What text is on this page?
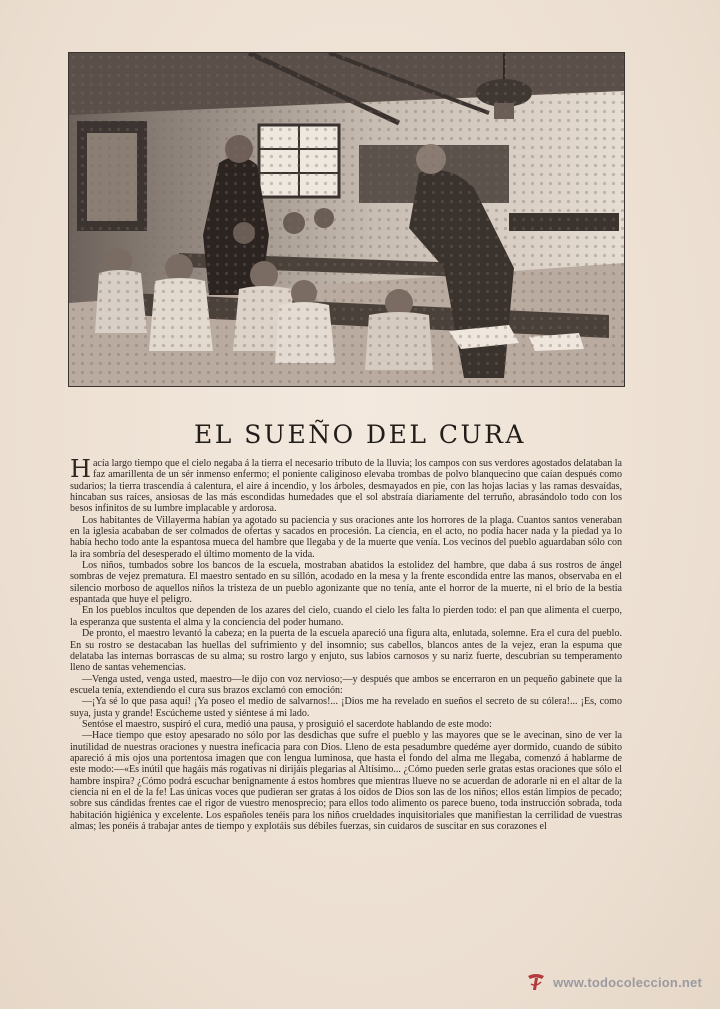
EL SUEÑO DEL CURA

Hacía largo tiempo que el cielo negaba á la tierra el necesario tributo de la lluvia; los campos con sus verdores agostados delataban la faz amarillenta de un sér inmenso enfermo; el poniente caliginoso elevaba trombas de polvo blanquecino que caían después como sudarios; la tierra trascendía á calentura, el aire á incendio, y los árboles, desmayados en pie, con las hojas lacias y las ramas desvaídas, hincaban sus raíces, ansiosas de las más escondidas humedades que el sol abstraía diariamente del terruño, abrasándolo todo con los besos infinitos de su lumbre implacable y ardorosa.

Los habitantes de Villayerma habían ya agotado su paciencia y sus oraciones ante los horrores de la plaga. Cuantos santos veneraban en la iglesia acababan de ser colmados de ofertas y sacados en procesión. La ciencia, en el acto, no podía hacer nada y la piedad ya lo había hecho todo ante la espantosa mueca del hambre que llegaba y de la muerte que venía. Los vecinos del pueblo aguardaban sólo con la ira sombría del desesperado el último momento de la vida.

Los niños, tumbados sobre los bancos de la escuela, mostraban abatidos la estolidez del hambre, que daba á sus rostros de ángel sombras de vejez prematura. El maestro sentado en su sillón, acodado en la mesa y la frente escondida entre las manos, observaba en el silencio morboso de aquellos niños la tristeza de un pueblo agonizante que no tenía, ante el horror de la muerte, ni el brío de la bestia espantada que huye el peligro.

En los pueblos incultos que dependen de los azares del cielo, cuando el cielo les falta lo pierden todo: el pan que alimenta el cuerpo, la esperanza que sustenta el alma y la conciencia del poder humano.

De pronto, el maestro levantó la cabeza; en la puerta de la escuela apareció una figura alta, enlutada, solemne. Era el cura del pueblo. En su rostro se destacaban las huellas del sufrimiento y del insomnio; sus cabellos, blancos antes de la vejez, eran la espuma que delataba las internas borrascas de su alma; su rostro largo y enjuto, sus labios carnosos y su nariz fuerte, descubrían su temperamento lleno de santas vehemencias.

—Venga usted, venga usted, maestro—le dijo con voz nervioso;—y después que ambos se encerraron en un pequeño gabinete que la escuela tenía, extendiendo el cura sus brazos exclamó con emoción:

—¡Ya sé lo que pasa aquí! ¡Ya poseo el medio de salvarnos!... ¡Dios me ha revelado en sueños el secreto de su cólera!... ¡Es, como suya, justa y grande! Escúcheme usted y siéntese á mi lado.

Sentóse el maestro, suspiró el cura, medió una pausa, y prosiguió el sacerdote hablando de este modo:

—Hace tiempo que estoy apesarado no sólo por las desdichas que sufre el pueblo y las mayores que se le avecinan, sino de ver la inutilidad de nuestras oraciones y nuestra ineficacia para con Dios. Lleno de esta pesadumbre quedéme ayer dormido, cuando de súbito apareció á mis ojos una portentosa imagen que con lengua luminosa, que hasta el fondo del alma me llegaba, comenzó á hablarme de este modo:—«Es inútil que hagáis más rogativas ni dirijáis plegarias al Altísimo... ¿Cómo pueden serle gratas estas oraciones que sólo el hambre inspira? ¿Cómo podrá escuchar benignamente á estos hombres que mientras llueve no se acuerdan de adorarle ni en el altar de la ciencia ni en el de la fe! Las únicas voces que pudieran ser gratas á los oídos de Dios son las de los niños; ellos están limpios de pecado; sobre sus cándidas frentes cae el rigor de vuestro menosprecio; para ellos todo alimento os parece bueno, toda instrucción sobrada, toda habitación higiénica y excelente. Los españoles tenéis para los niños crueldades inquisitoriales que manifiestan la cerrilidad de vuestras almas; les ponéis á trabajar antes de tiempo y explotáis sus débiles fuerzas, sin cuidaros de suscitar en sus corazones el

www.todocoleccion.net
